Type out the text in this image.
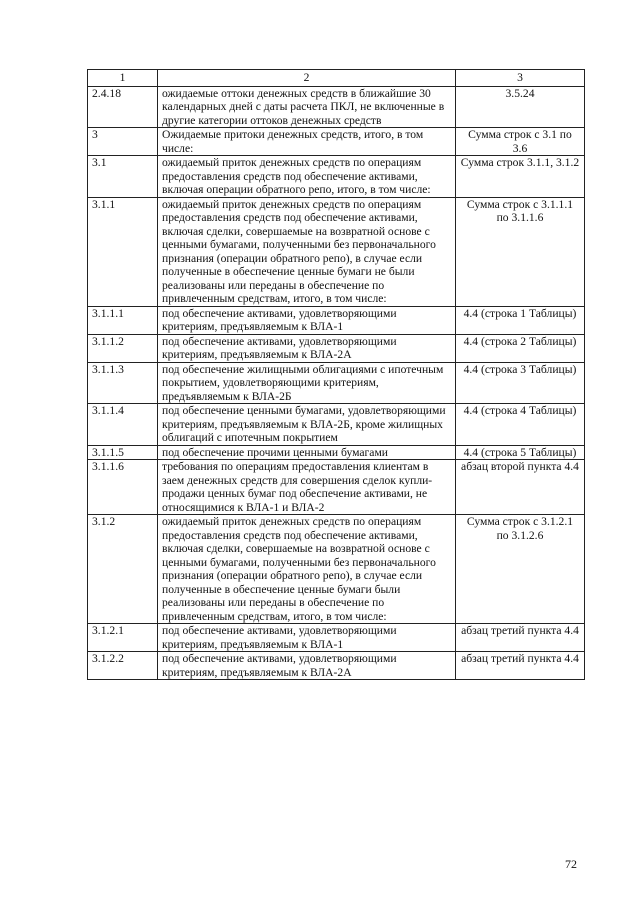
1	2	3
2.4.18	ожидаемые оттоки денежных средств в ближайшие 30 календарных дней с даты расчета ПКЛ, не включенные в другие категории оттоков денежных средств	3.5.24
3	Ожидаемые притоки денежных средств, итого, в том числе:	Сумма строк с 3.1 по 3.6
3.1	ожидаемый приток денежных средств по операциям предоставления средств под обеспечение активами, включая операции обратного репо, итого, в том числе:	Сумма строк 3.1.1, 3.1.2
3.1.1	ожидаемый приток денежных средств по операциям предоставления средств под обеспечение активами, включая сделки, совершаемые на возвратной основе с ценными бумагами, полученными без первоначального признания (операции обратного репо), в случае если полученные в обеспечение ценные бумаги не были реализованы или переданы в обеспечение по привлеченным средствам, итого, в том числе:	Сумма строк с 3.1.1.1 по 3.1.1.6
3.1.1.1	под обеспечение активами, удовлетворяющими критериям, предъявляемым к ВЛА-1	4.4 (строка 1 Таблицы)
3.1.1.2	под обеспечение активами, удовлетворяющими критериям, предъявляемым к ВЛА-2А	4.4 (строка 2 Таблицы)
3.1.1.3	под обеспечение жилищными облигациями с ипотечным покрытием, удовлетворяющими критериям, предъявляемым к ВЛА-2Б	4.4 (строка 3 Таблицы)
3.1.1.4	под обеспечение ценными бумагами, удовлетворяющими критериям, предъявляемым к ВЛА-2Б, кроме жилищных облигаций с ипотечным покрытием	4.4 (строка 4 Таблицы)
3.1.1.5	под обеспечение прочими ценными бумагами	4.4 (строка 5 Таблицы)
3.1.1.6	требования по операциям предоставления клиентам в заем денежных средств для совершения сделок купли-продажи ценных бумаг под обеспечение активами, не относящимися к ВЛА-1 и ВЛА-2	абзац второй пункта 4.4
3.1.2	ожидаемый приток денежных средств по операциям предоставления средств под обеспечение активами, включая сделки, совершаемые на возвратной основе с ценными бумагами, полученными без первоначального признания (операции обратного репо), в случае если полученные в обеспечение ценные бумаги были реализованы или переданы в обеспечение по привлеченным средствам, итого, в том числе:	Сумма строк с 3.1.2.1 по 3.1.2.6
3.1.2.1	под обеспечение активами, удовлетворяющими критериям, предъявляемым к ВЛА-1	абзац третий пункта 4.4
3.1.2.2	под обеспечение активами, удовлетворяющими критериям, предъявляемым к ВЛА-2А	абзац третий пункта 4.4
72
